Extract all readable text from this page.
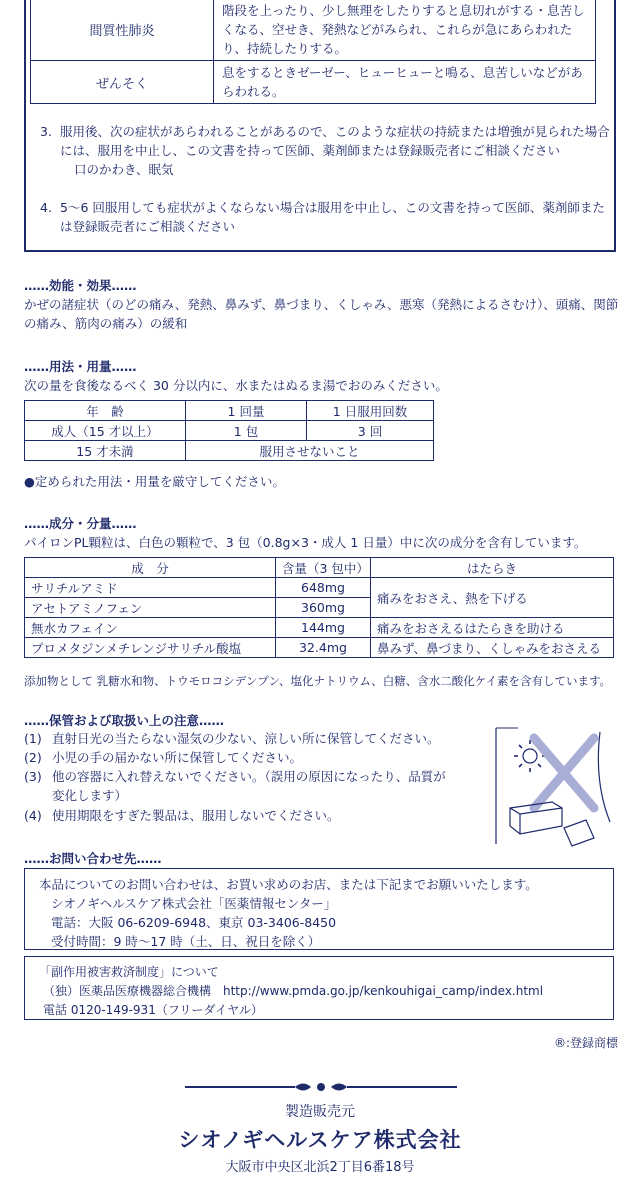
間質性肺炎	階段を上ったり、少し無理をしたりすると息切れがする・息苦しくなる、空せき、発熱などがみられ、これらが急にあらわれたり、持続したりする。
ぜんそく	息をするときゼーゼー、ヒューヒューと鳴る、息苦しいなどがあらわれる。
3. 服用後、次の症状があらわれることがあるので、このような症状の持続または増強が見られた場合には、服用を中止し、この文書を持って医師、薬剤師または登録販売者にご相談ください
口のかわき、眠気
4. 5〜6 回服用しても症状がよくならない場合は服用を中止し、この文書を持って医師、薬剤師または登録販売者にご相談ください
……効能・効果……
かぜの諸症状（のどの痛み、発熱、鼻みず、鼻づまり、くしゃみ、悪寒（発熱によるさむけ）、頭痛、関節の痛み、筋肉の痛み）の緩和
……用法・用量……
次の量を食後なるべく 30 分以内に、水またはぬるま湯でおのみください。
年　齢	1 回量	1 日服用回数
成人（15 才以上）	1 包	3 回
15 才未満	服用させないこと	
●定められた用法・用量を厳守してください。
……成分・分量……
パイロンPL顆粒は、白色の顆粒で、3 包（0.8g×3・成人 1 日量）中に次の成分を含有しています。
成　分	含量（3 包中）	はたらき
サリチルアミド	648mg	痛みをおさえ、熱を下げる
アセトアミノフェン	360mg	
無水カフェイン	144mg	痛みをおさえるはたらきを助ける
プロメタジンメチレンジサリチル酸塩	32.4mg	鼻みず、鼻づまり、くしゃみをおさえる
添加物として 乳糖水和物、トウモロコシデンプン、塩化ナトリウム、白糖、含水二酸化ケイ素を含有しています。
……保管および取扱い上の注意……
(1) 直射日光の当たらない湿気の少ない、涼しい所に保管してください。
(2) 小児の手の届かない所に保管してください。
(3) 他の容器に入れ替えないでください。（誤用の原因になったり、品質が変化します）
(4) 使用期限をすぎた製品は、服用しないでください。
……お問い合わせ先……
本品についてのお問い合わせは、お買い求めのお店、または下記までお願いいたします。
シオノギヘルスケア株式会社「医薬情報センター」
電話：大阪 06-6209-6948、東京 03-3406-8450
受付時間：9 時〜17 時（土、日、祝日を除く）
「副作用被害救済制度」について
（独）医薬品医療機器総合機構　http://www.pmda.go.jp/kenkouhigai_camp/index.html
電話 0120-149-931（フリーダイヤル）
®:登録商標
製造販売元
シオノギヘルスケア株式会社
大阪市中央区北浜2丁目6番18号
